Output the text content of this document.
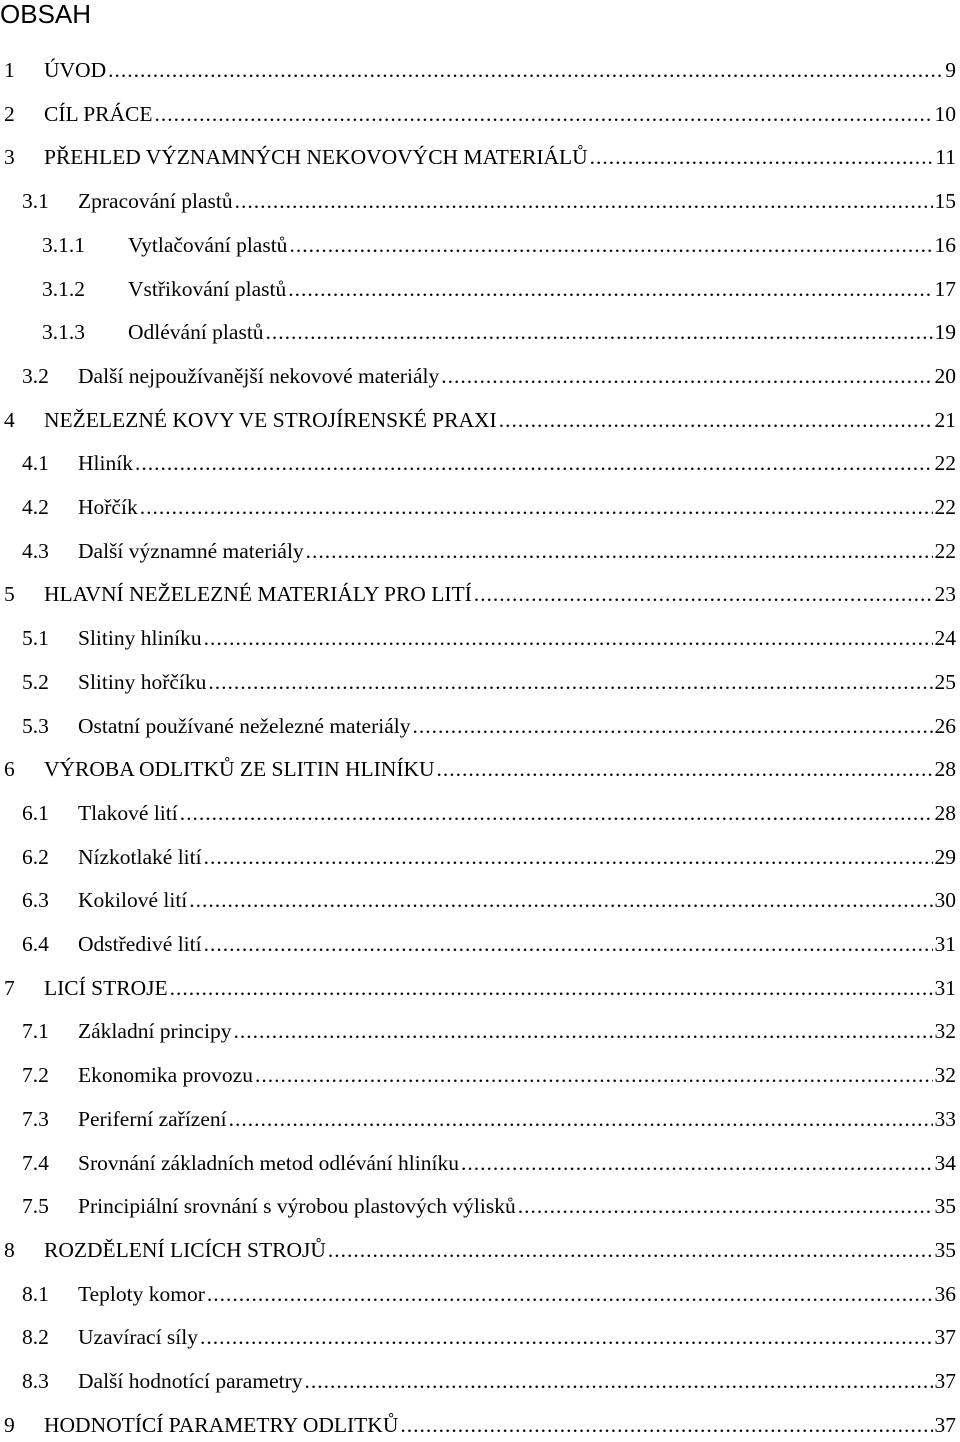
OBSAH
1	ÚVOD .....	9
2	CÍL PRÁCE .....	10
3	PŘEHLED VÝZNAMNÝCH NEKOVOVÝCH MATERIÁLŮ .....	11
3.1	Zpracování plastů .....	15
3.1.1	Vytlačování plastů .....	16
3.1.2	Vstřikování plastů .....	17
3.1.3	Odlévání plastů .....	19
3.2	Další nejpoužívanější nekovové materiály .....	20
4	NEŽELEZNÉ KOVY VE STROJÍRENSKÉ PRAXI .....	21
4.1	Hliník .....	22
4.2	Hořčík .....	22
4.3	Další významné materiály .....	22
5	HLAVNÍ NEŽELEZNÉ MATERIÁLY PRO LITÍ .....	23
5.1	Slitiny hliníku .....	24
5.2	Slitiny hořčíku .....	25
5.3	Ostatní používané neželezné materiály .....	26
6	VÝROBA ODLITKŮ ZE SLITIN HLINÍKU .....	28
6.1	Tlakové lití .....	28
6.2	Nízkotlaké lití .....	29
6.3	Kokilové lití .....	30
6.4	Odstředivé lití .....	31
7	LICÍ STROJE .....	31
7.1	Základní principy .....	32
7.2	Ekonomika provozu .....	32
7.3	Periferní zařízení .....	33
7.4	Srovnání základních metod odlévání hliníku .....	34
7.5	Principiální srovnání s výrobou plastových výlisků .....	35
8	ROZDĚLENÍ LICÍCH STROJŮ .....	35
8.1	Teploty komor .....	36
8.2	Uzavírací síly .....	37
8.3	Další hodnotící parametry .....	37
9	HODNOTÍCÍ PARAMETRY ODLITKŮ .....	37
